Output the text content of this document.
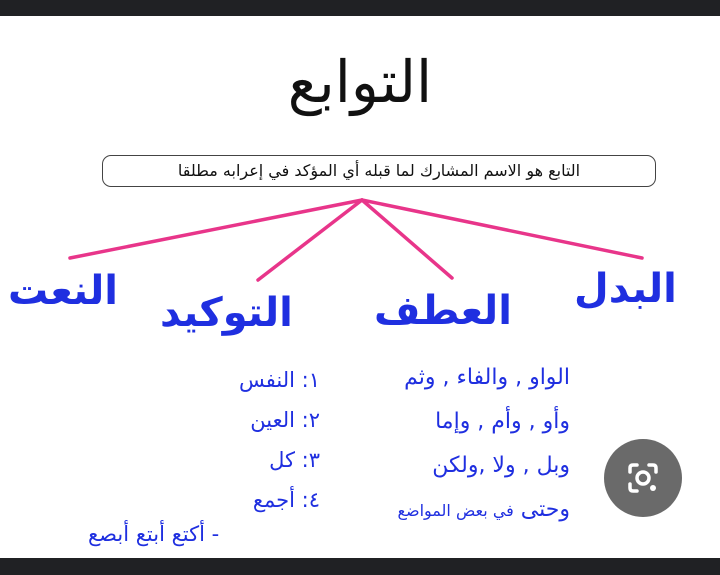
التوابع
التابع هو الاسم المشارك لما قبله أي المؤكد في إعرابه مطلقا
البدل
العطف
التوكيد
النعت
الواو , والفاء , وثم
وأو , وأم , وإما
وبل , ولا ,ولكن
وحتى في بعض المواضع
١: النفس
٢: العين
٣: كل
٤: أجمع
- أكتع أبتع أبصع
